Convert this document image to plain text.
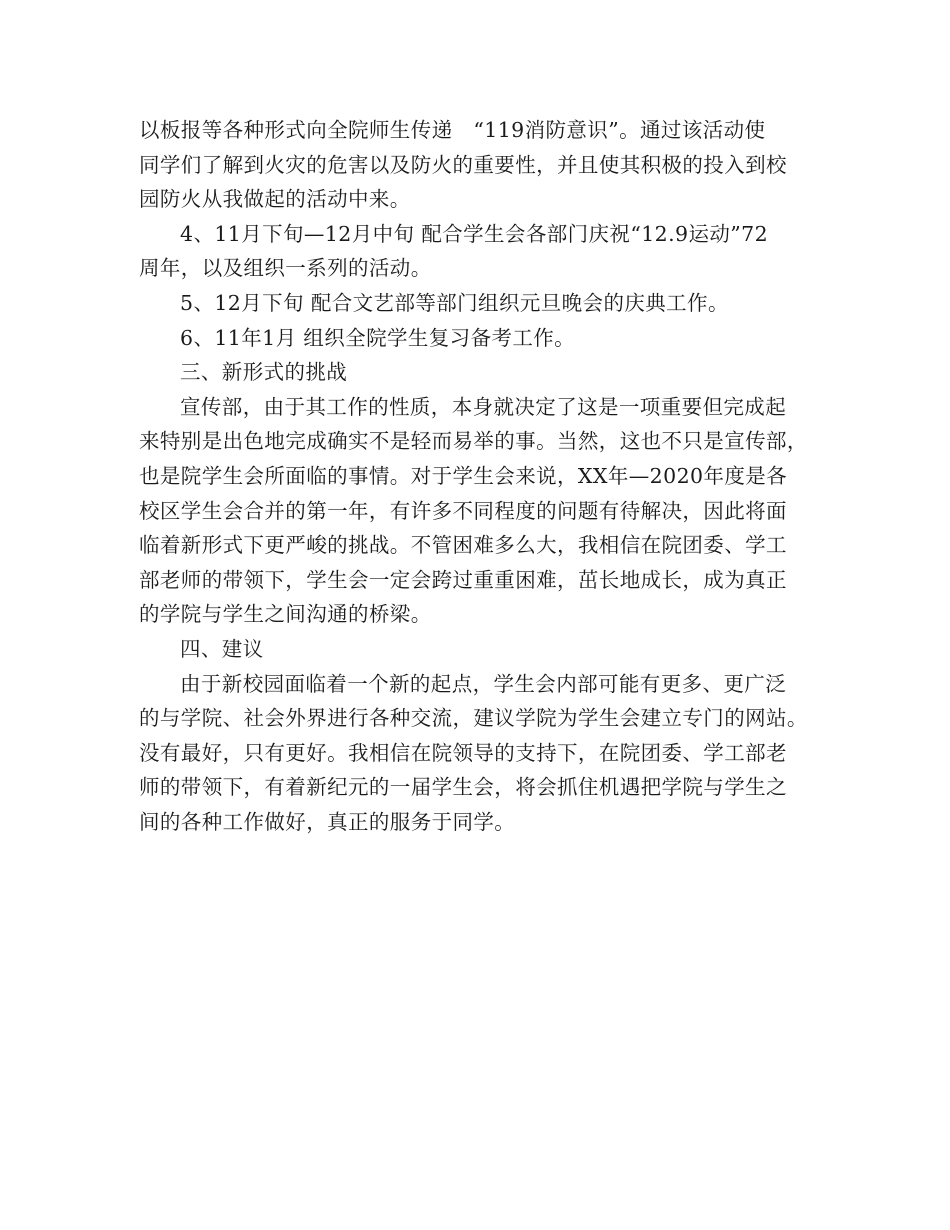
以板报等各种形式向全院师生传递　“119消防意识”。通过该活动使
同学们了解到火灾的危害以及防火的重要性，并且使其积极的投入到校
园防火从我做起的活动中来。
4、11月下旬—12月中旬 配合学生会各部门庆祝“12.9运动”72
周年，以及组织一系列的活动。
5、12月下旬 配合文艺部等部门组织元旦晚会的庆典工作。
6、11年1月 组织全院学生复习备考工作。
三、新形式的挑战
宣传部，由于其工作的性质，本身就决定了这是一项重要但完成起
来特别是出色地完成确实不是轻而易举的事。当然，这也不只是宣传部，
也是院学生会所面临的事情。对于学生会来说，XX年—2020年度是各
校区学生会合并的第一年，有许多不同程度的问题有待解决，因此将面
临着新形式下更严峻的挑战。不管困难多么大，我相信在院团委、学工
部老师的带领下，学生会一定会跨过重重困难，茁长地成长，成为真正
的学院与学生之间沟通的桥梁。
四、建议
由于新校园面临着一个新的起点，学生会内部可能有更多、更广泛
的与学院、社会外界进行各种交流，建议学院为学生会建立专门的网站。
没有最好，只有更好。我相信在院领导的支持下，在院团委、学工部老
师的带领下，有着新纪元的一届学生会，将会抓住机遇把学院与学生之
间的各种工作做好，真正的服务于同学。
